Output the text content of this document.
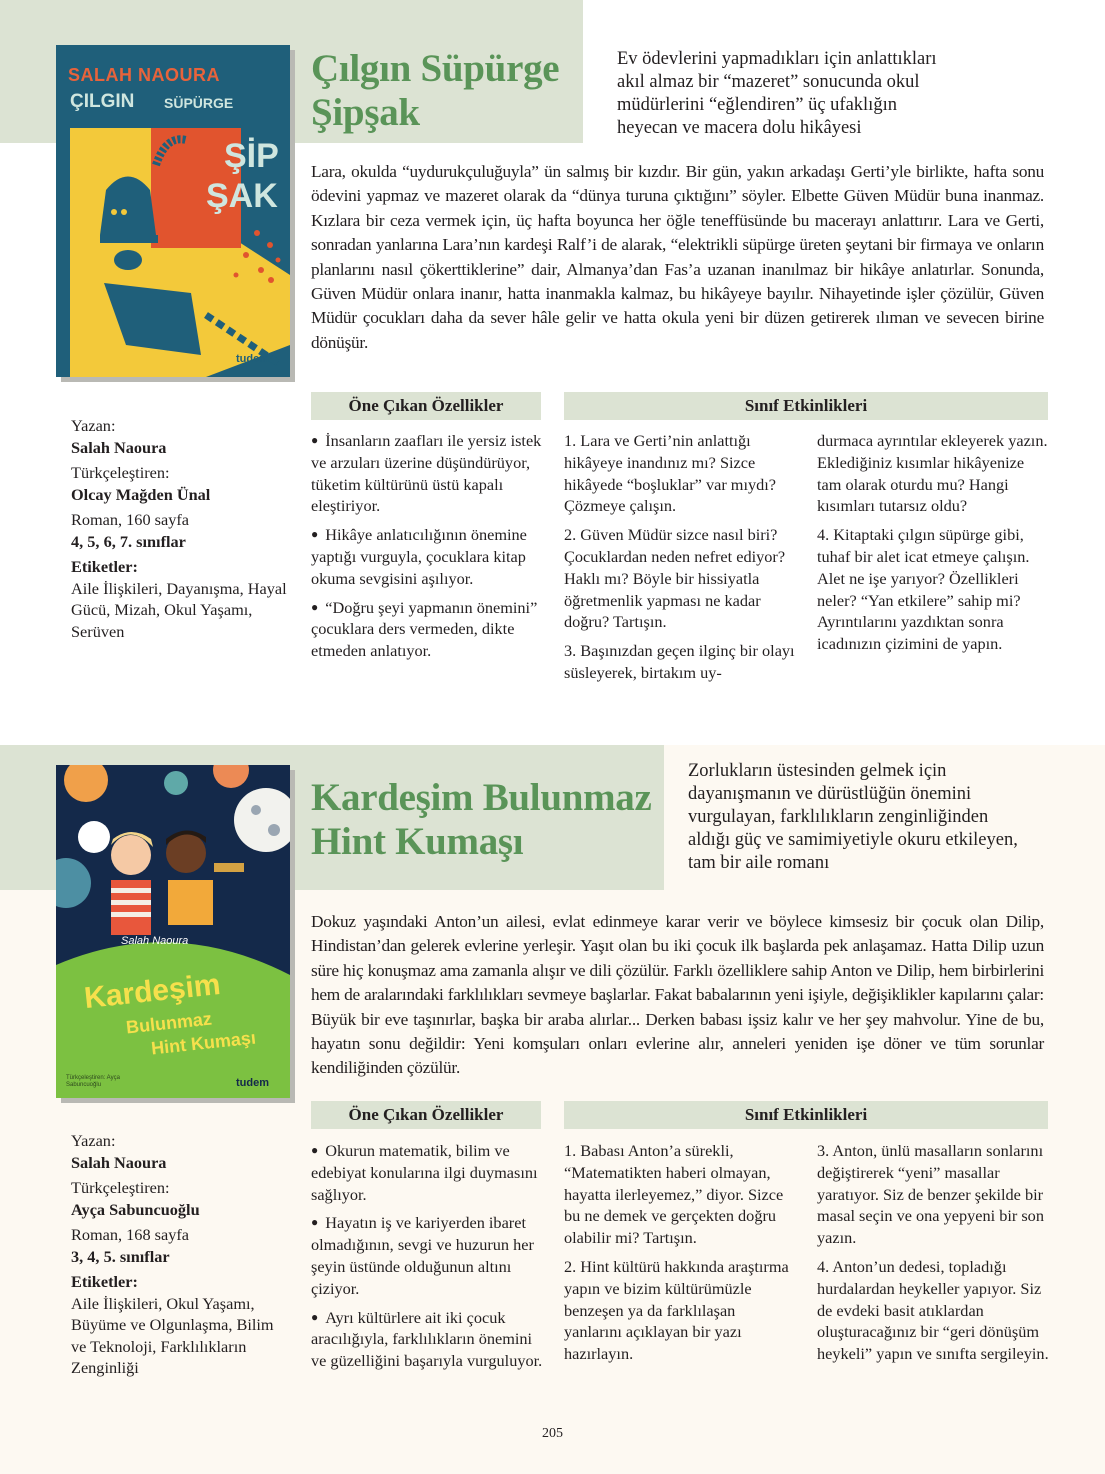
SALAH NAOURA
ÇILGIN SÜPÜRGE
ŞİP
ŞAK
tudem
Çılgın Süpürge
Şipşak
Ev ödevlerini yapmadıkları için anlattıkları akıl almaz bir “mazeret” sonucunda okul müdürlerini “eğlendiren” üç ufaklığın heyecan ve macera dolu hikâyesi
Lara, okulda “uydurukçuluğuyla” ün salmış bir kızdır. Bir gün, yakın arkadaşı Gerti’yle birlikte, hafta sonu ödevini yapmaz ve mazeret olarak da “dünya turuna çıktığını” söyler. Elbette Güven Müdür buna inanmaz. Kızlara bir ceza vermek için, üç hafta boyunca her öğle teneffüsünde bu macerayı anlattırır. Lara ve Gerti, sonradan yanlarına Lara’nın kardeşi Ralf’i de alarak, “elektrikli süpürge üreten şeytani bir firmaya ve onların planlarını nasıl çökerttiklerine” dair, Almanya’dan Fas’a uzanan inanılmaz bir hikâye anlatırlar. Sonunda, Güven Müdür onlara inanır, hatta inanmakla kalmaz, bu hikâyeye bayılır. Nihayetinde işler çözülür, Güven Müdür çocukları daha da sever hâle gelir ve hatta okula yeni bir düzen getirerek ılıman ve sevecen birine dönüşür.
Yazan:
Salah Naoura
Türkçeleştiren:
Olcay Mağden Ünal
Roman, 160 sayfa
4, 5, 6, 7. sınıflar
Etiketler:
Aile İlişkileri, Dayanışma, Hayal Gücü, Mizah, Okul Yaşamı, Serüven
Öne Çıkan Özellikler	Sınıf Etkinlikleri

● İnsanların zaafları ile yersiz istek ve arzuları üzerine düşündürüyor, tüketim kültürünü üstü kapalı eleştiriyor.

● Hikâye anlatıcılığının önemine yaptığı vurguyla, çocuklara kitap okuma sevgisini aşılıyor.

● “Doğru şeyi yapmanın önemini” çocuklara ders vermeden, dikte etmeden anlatıyor.

1. Lara ve Gerti’nin anlattığı hikâyeye inandınız mı? Sizce hikâyede “boşluklar” var mıydı? Çözmeye çalışın.

2. Güven Müdür sizce nasıl biri? Çocuklardan neden nefret ediyor? Haklı mı? Böyle bir hissiyatla öğretmenlik yapması ne kadar doğru? Tartışın.

3. Başınızdan geçen ilginç bir olayı süsleyerek, birtakım uy-

durmaca ayrıntılar ekleyerek yazın. Eklediğiniz kısımlar hikâyenize tam olarak oturdu mu? Hangi kısımları tutarsız oldu?

4. Kitaptaki çılgın süpürge gibi, tuhaf bir alet icat etmeye çalışın. Alet ne işe yarıyor? Özellikleri neler? “Yan etkilere” sahip mi? Ayrıntılarını yazdıktan sonra icadınızın çizimini de yapın.

Salah Naoura
Kardeşim
Bulunmaz
Hint Kumaşı
Türkçeleştiren: Ayça Sabuncuoğlu	tudem
Kardeşim Bulunmaz
Hint Kumaşı
Zorlukların üstesinden gelmek için dayanışmanın ve dürüstlüğün önemini vurgulayan, farklılıkların zenginliğinden aldığı güç ve samimiyetiyle okuru etkileyen, tam bir aile romanı
Dokuz yaşındaki Anton’un ailesi, evlat edinmeye karar verir ve böylece kimsesiz bir çocuk olan Dilip, Hindistan’dan gelerek evlerine yerleşir. Yaşıt olan bu iki çocuk ilk başlarda pek anlaşamaz. Hatta Dilip uzun süre hiç konuşmaz ama zamanla alışır ve dili çözülür. Farklı özelliklere sahip Anton ve Dilip, hem birbirlerini hem de aralarındaki farklılıkları sevmeye başlarlar. Fakat babalarının yeni işiyle, değişiklikler kapılarını çalar: Büyük bir eve taşınırlar, başka bir araba alırlar... Derken babası işsiz kalır ve her şey mahvolur. Yine de bu, hayatın sonu değildir: Yeni komşuları onları evlerine alır, anneleri yeniden işe döner ve tüm sorunlar kendiliğinden çözülür.
Yazan:
Salah Naoura
Türkçeleştiren:
Ayça Sabuncuoğlu
Roman, 168 sayfa
3, 4, 5. sınıflar
Etiketler:
Aile İlişkileri, Okul Yaşamı, Büyüme ve Olgunlaşma, Bilim ve Teknoloji, Farklılıkların Zenginliği
Öne Çıkan Özellikler	Sınıf Etkinlikleri

● Okurun matematik, bilim ve edebiyat konularına ilgi duymasını sağlıyor.

● Hayatın iş ve kariyerden ibaret olmadığının, sevgi ve huzurun her şeyin üstünde olduğunun altını çiziyor.

● Ayrı kültürlere ait iki çocuk aracılığıyla, farklılıkların önemini ve güzelliğini başarıyla vurguluyor.

1. Babası Anton’a sürekli, “Matematikten haberi olmayan, hayatta ilerleyemez,” diyor. Sizce bu ne demek ve gerçekten doğru olabilir mi? Tartışın.

2. Hint kültürü hakkında araştırma yapın ve bizim kültürümüzle benzeşen ya da farklılaşan yanlarını açıklayan bir yazı hazırlayın.

3. Anton, ünlü masalların sonlarını değiştirerek “yeni” masallar yaratıyor. Siz de benzer şekilde bir masal seçin ve ona yepyeni bir son yazın.

4. Anton’un dedesi, topladığı hurdalardan heykeller yapıyor. Siz de evdeki basit atıklardan oluşturacağınız bir “geri dönüşüm heykeli” yapın ve sınıfta sergileyin.

205
